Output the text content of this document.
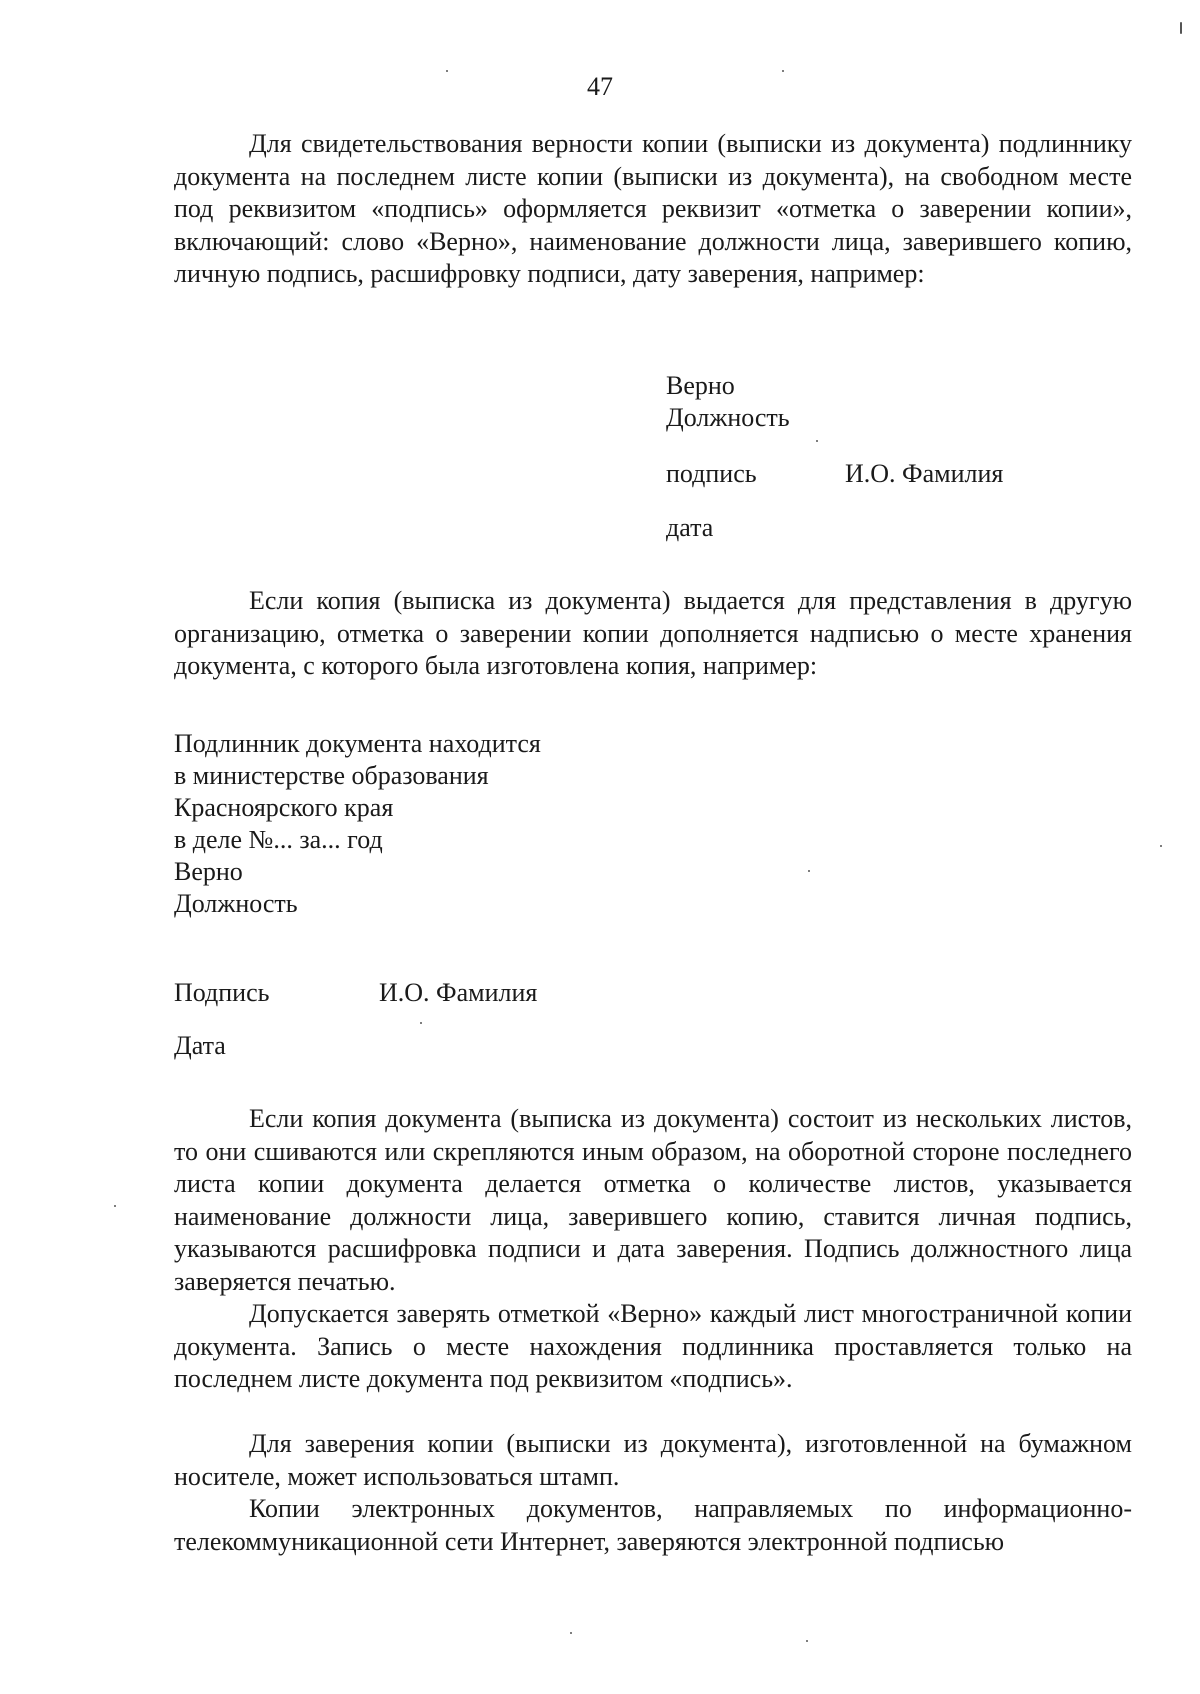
47

Для свидетельствования верности копии (выписки из документа) подлиннику документа на последнем листе копии (выписки из документа), на свободном месте под реквизитом «подпись» оформляется реквизит «отметка о заверении копии», включающий: слово «Верно», наименование должности лица, заверившего копию, личную подпись, расшифровку подписи, дату заверения, например:

Верно
Должность
подпись	И.О. Фамилия
дата

Если копия (выписка из документа) выдается для представления в другую организацию, отметка о заверении копии дополняется надписью о месте хранения документа, с которого была изготовлена копия, например:

Подлинник документа находится
в министерстве образования
Красноярского края
в деле №... за... год
Верно
Должность
Подпись	И.О. Фамилия
Дата

Если копия документа (выписка из документа) состоит из нескольких листов, то они сшиваются или скрепляются иным образом, на оборотной стороне последнего листа копии документа делается отметка о количестве листов, указывается наименование должности лица, заверившего копию, ставится личная подпись, указываются расшифровка подписи и дата заверения. Подпись должностного лица заверяется печатью.

Допускается заверять отметкой «Верно» каждый лист многостраничной копии документа. Запись о месте нахождения подлинника проставляется только на последнем листе документа под реквизитом «подпись».

Для заверения копии (выписки из документа), изготовленной на бумажном носителе, может использоваться штамп.

Копии электронных документов, направляемых по информационно-телекоммуникационной сети Интернет, заверяются электронной подписью
